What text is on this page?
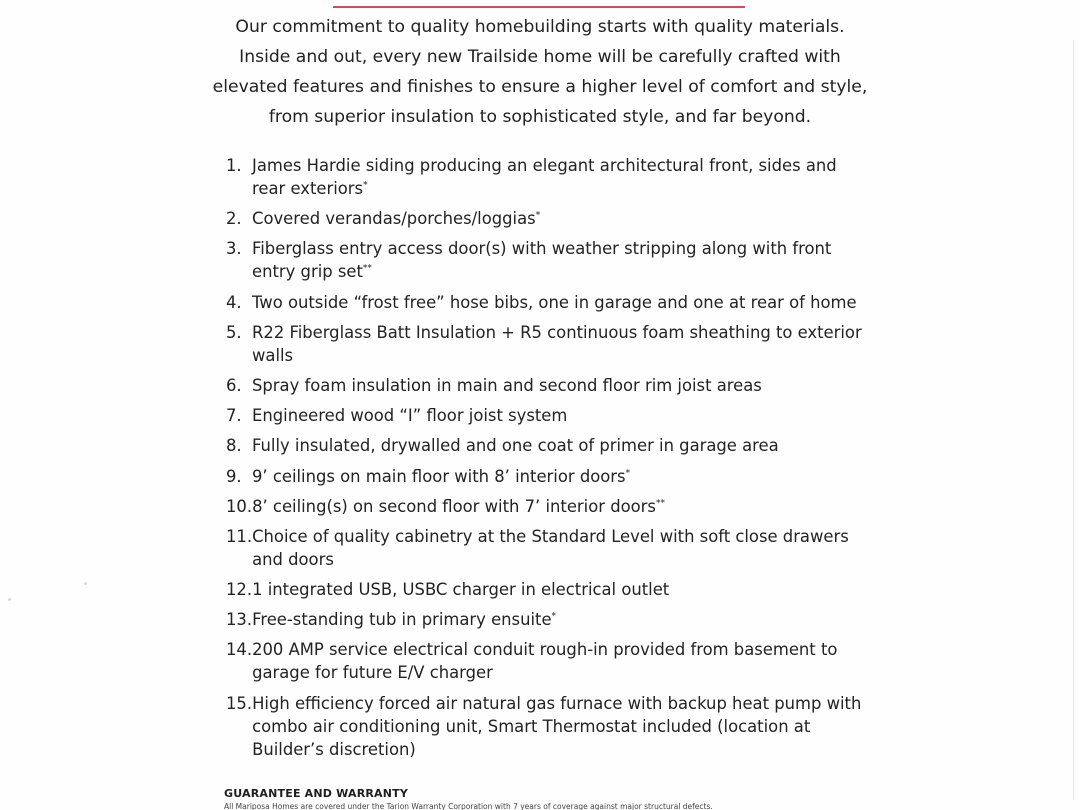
Our commitment to quality homebuilding starts with quality materials.

Inside and out, every new Trailside home will be carefully crafted with

elevated features and finishes to ensure a higher level of comfort and style,

from superior insulation to sophisticated style, and far beyond.

1. James Hardie siding producing an elegant architectural front, sides and rear exteriors*
2. Covered verandas/porches/loggias*
3. Fiberglass entry access door(s) with weather stripping along with front entry grip set**
4. Two outside “frost free” hose bibs, one in garage and one at rear of home
5. R22 Fiberglass Batt Insulation + R5 continuous foam sheathing to exterior walls
6. Spray foam insulation in main and second floor rim joist areas
7. Engineered wood “I” floor joist system
8. Fully insulated, drywalled and one coat of primer in garage area
9. 9’ ceilings on main floor with 8’ interior doors*
10. 8’ ceiling(s) on second floor with 7’ interior doors**
11. Choice of quality cabinetry at the Standard Level with soft close drawers and doors
12. 1 integrated USB, USBC charger in electrical outlet
13. Free-standing tub in primary ensuite*
14. 200 AMP service electrical conduit rough-in provided from basement to garage for future E/V charger
15. High efficiency forced air natural gas furnace with backup heat pump with combo air conditioning unit, Smart Thermostat included (location at Builder’s discretion)
GUARANTEE AND WARRANTY
All Mariposa Homes are covered under the Tarion Warranty Corporation with 7 years of coverage against major structural defects.
